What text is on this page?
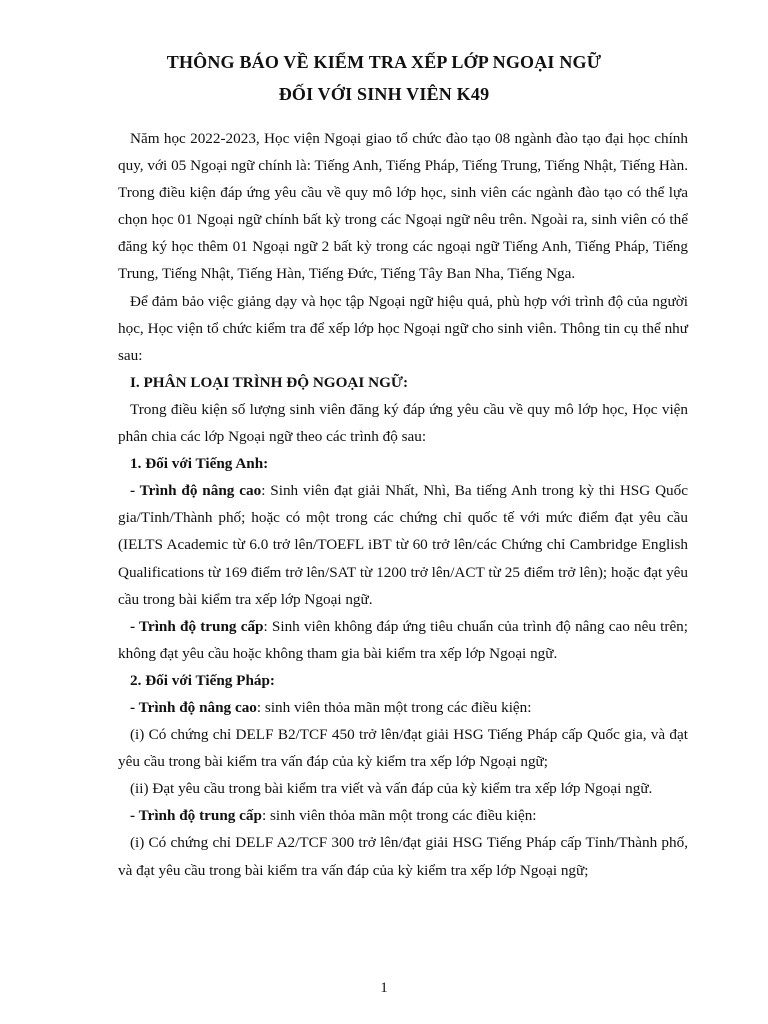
THÔNG BÁO VỀ KIỂM TRA XẾP LỚP NGOẠI NGỮ
ĐỐI VỚI SINH VIÊN K49

Năm học 2022-2023, Học viện Ngoại giao tổ chức đào tạo 08 ngành đào tạo đại học chính quy, với 05 Ngoại ngữ chính là: Tiếng Anh, Tiếng Pháp, Tiếng Trung, Tiếng Nhật, Tiếng Hàn. Trong điều kiện đáp ứng yêu cầu về quy mô lớp học, sinh viên các ngành đào tạo có thể lựa chọn học 01 Ngoại ngữ chính bất kỳ trong các Ngoại ngữ nêu trên. Ngoài ra, sinh viên có thể đăng ký học thêm 01 Ngoại ngữ 2 bất kỳ trong các ngoại ngữ Tiếng Anh, Tiếng Pháp, Tiếng Trung, Tiếng Nhật, Tiếng Hàn, Tiếng Đức, Tiếng Tây Ban Nha, Tiếng Nga.

Để đảm bảo việc giảng dạy và học tập Ngoại ngữ hiệu quả, phù hợp với trình độ của người học, Học viện tổ chức kiểm tra để xếp lớp học Ngoại ngữ cho sinh viên. Thông tin cụ thể như sau:

I. PHÂN LOẠI TRÌNH ĐỘ NGOẠI NGỮ:

Trong điều kiện số lượng sinh viên đăng ký đáp ứng yêu cầu về quy mô lớp học, Học viện phân chia các lớp Ngoại ngữ theo các trình độ sau:

1. Đối với Tiếng Anh:

- Trình độ nâng cao: Sinh viên đạt giải Nhất, Nhì, Ba tiếng Anh trong kỳ thi HSG Quốc gia/Tỉnh/Thành phố; hoặc có một trong các chứng chỉ quốc tế với mức điểm đạt yêu cầu (IELTS Academic từ 6.0 trở lên/TOEFL iBT từ 60 trở lên/các Chứng chỉ Cambridge English Qualifications từ 169 điểm trở lên/SAT từ 1200 trở lên/ACT từ 25 điểm trở lên); hoặc đạt yêu cầu trong bài kiểm tra xếp lớp Ngoại ngữ.

- Trình độ trung cấp: Sinh viên không đáp ứng tiêu chuẩn của trình độ nâng cao nêu trên; không đạt yêu cầu hoặc không tham gia bài kiểm tra xếp lớp Ngoại ngữ.

2. Đối với Tiếng Pháp:

- Trình độ nâng cao: sinh viên thỏa mãn một trong các điều kiện:

(i) Có chứng chỉ DELF B2/TCF 450 trở lên/đạt giải HSG Tiếng Pháp cấp Quốc gia, và đạt yêu cầu trong bài kiểm tra vấn đáp của kỳ kiểm tra xếp lớp Ngoại ngữ;

(ii) Đạt yêu cầu trong bài kiểm tra viết và vấn đáp của kỳ kiểm tra xếp lớp Ngoại ngữ.

- Trình độ trung cấp: sinh viên thỏa mãn một trong các điều kiện:

(i) Có chứng chỉ DELF A2/TCF 300 trở lên/đạt giải HSG Tiếng Pháp cấp Tỉnh/Thành phố, và đạt yêu cầu trong bài kiểm tra vấn đáp của kỳ kiểm tra xếp lớp Ngoại ngữ;

1
